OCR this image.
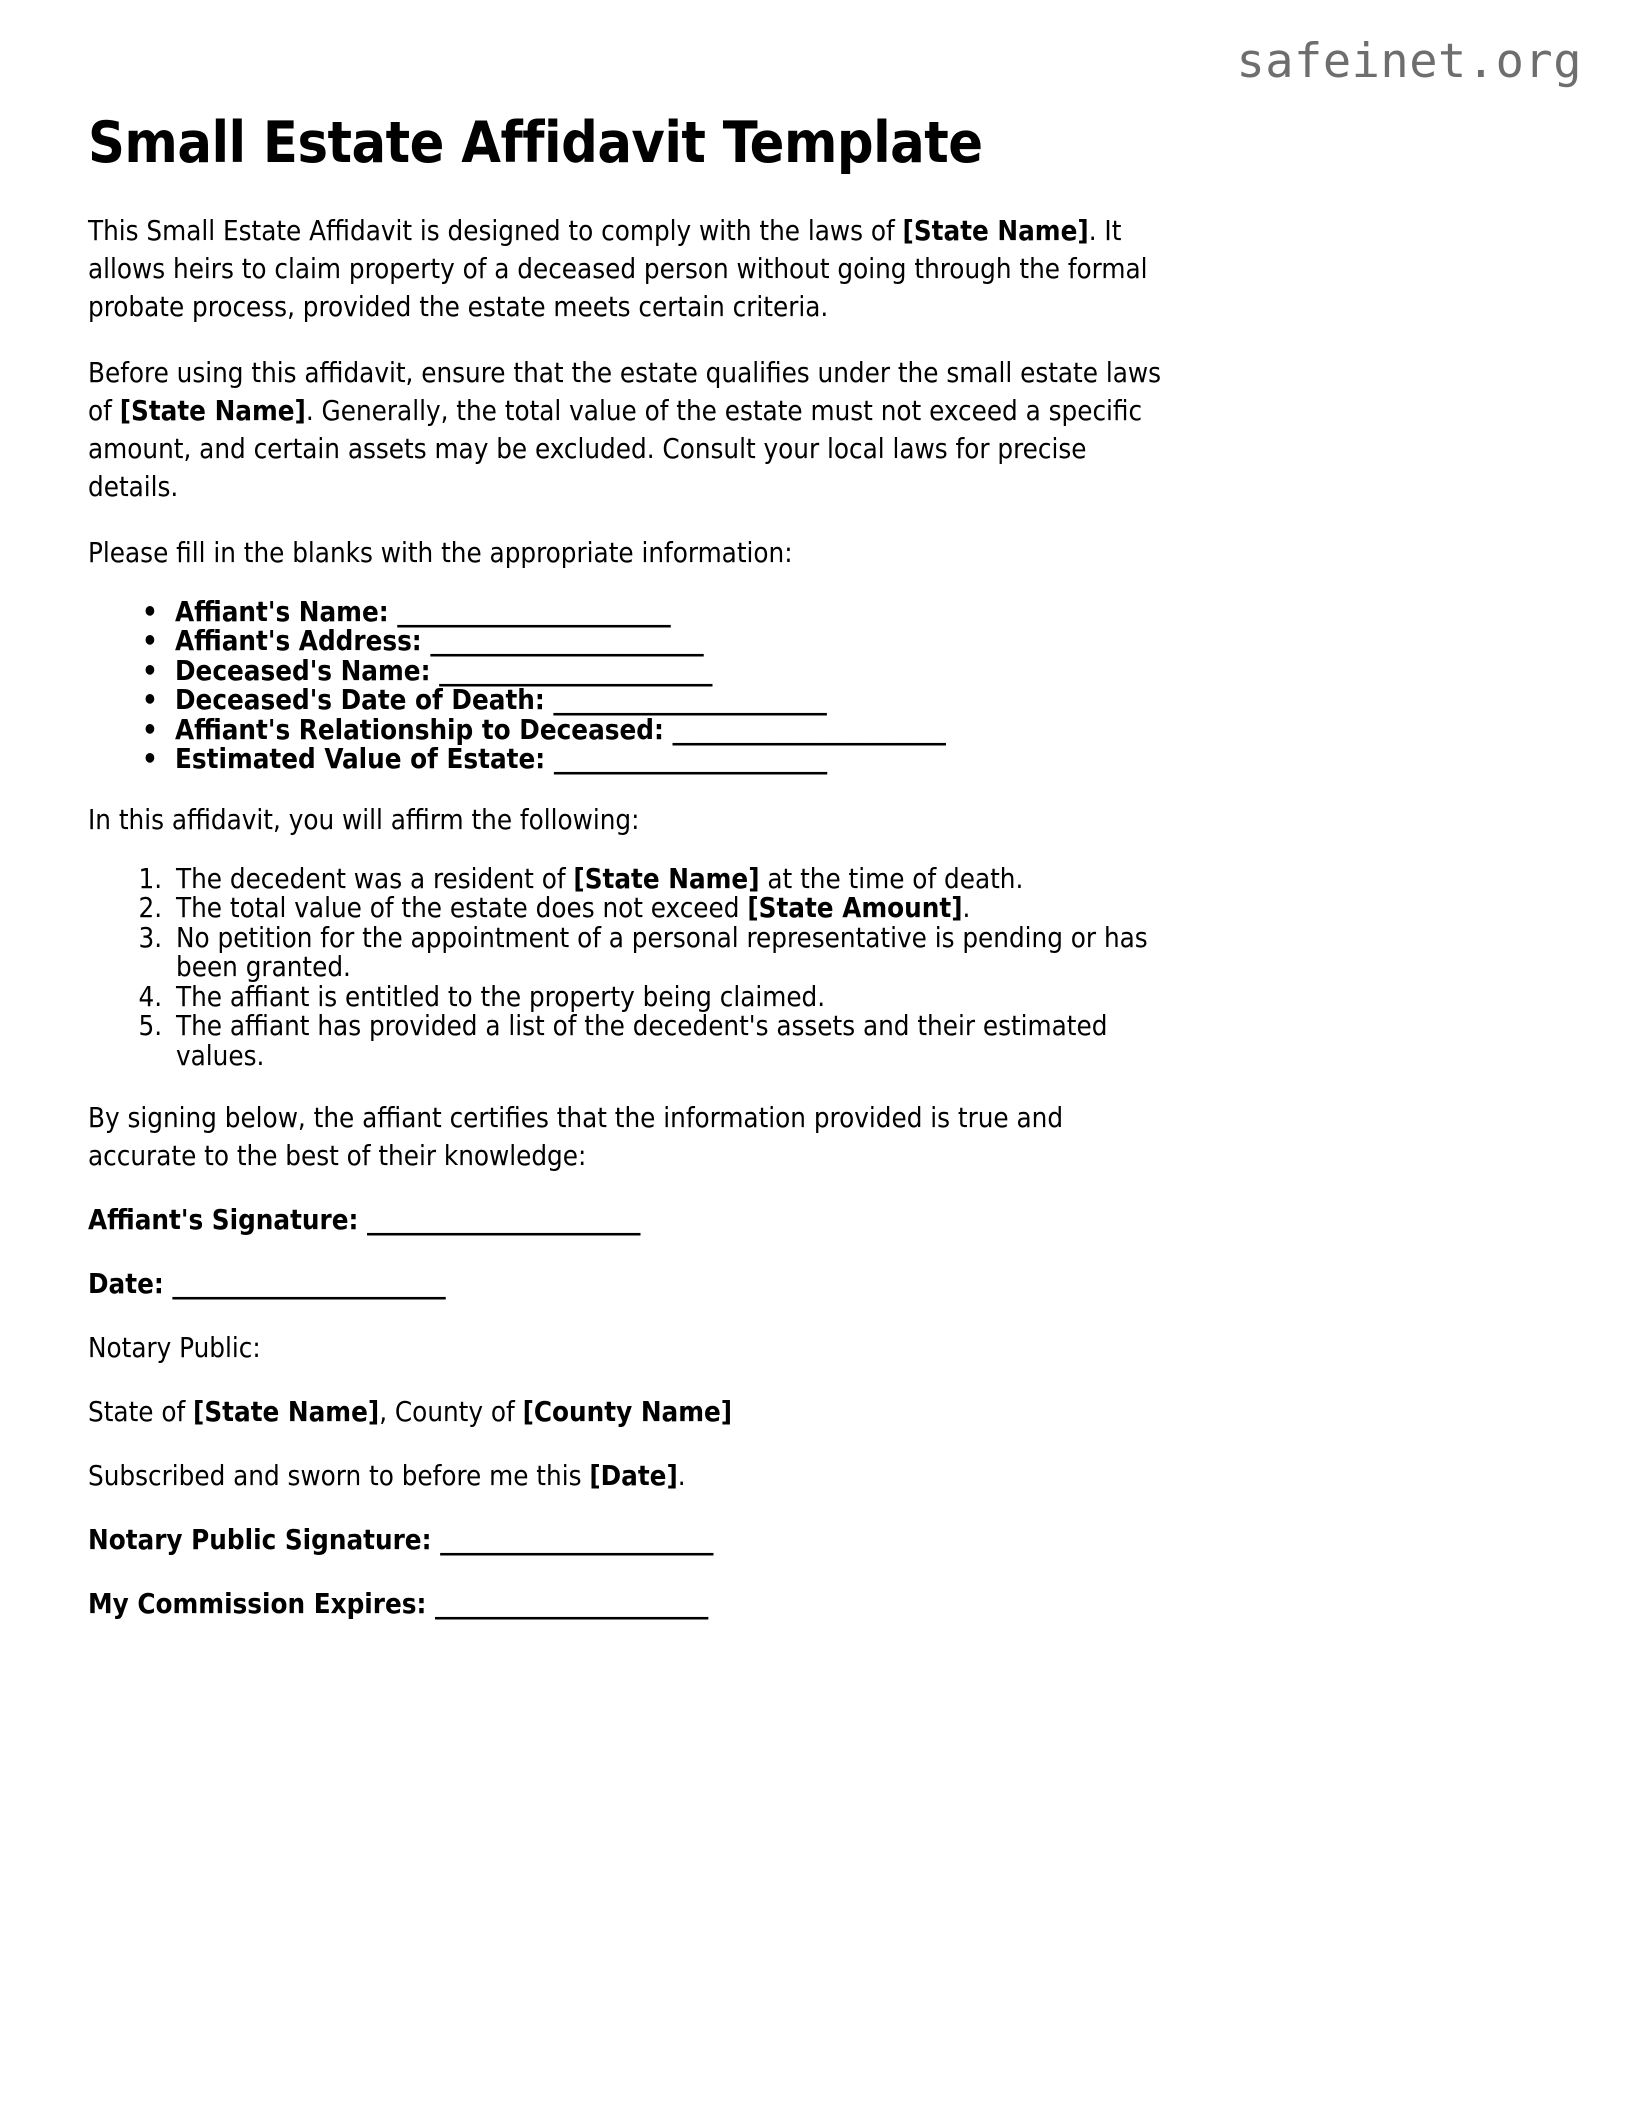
safeinet.org
Small Estate Affidavit Template

This Small Estate Affidavit is designed to comply with the laws of [State Name]. It allows heirs to claim property of a deceased person without going through the formal probate process, provided the estate meets certain criteria.

Before using this affidavit, ensure that the estate qualifies under the small estate laws of [State Name]. Generally, the total value of the estate must not exceed a specific amount, and certain assets may be excluded. Consult your local laws for precise details.

Please fill in the blanks with the appropriate information:

• Affiant's Name: _______________________
• Affiant's Address: _______________________
• Deceased's Name: _______________________
• Deceased's Date of Death: _______________________
• Affiant's Relationship to Deceased: _______________________
• Estimated Value of Estate: _______________________

In this affidavit, you will affirm the following:

1. The decedent was a resident of [State Name] at the time of death.
2. The total value of the estate does not exceed [State Amount].
3. No petition for the appointment of a personal representative is pending or has been granted.
4. The affiant is entitled to the property being claimed.
5. The affiant has provided a list of the decedent's assets and their estimated values.

By signing below, the affiant certifies that the information provided is true and accurate to the best of their knowledge:

Affiant's Signature: _______________________

Date: _______________________

Notary Public:

State of [State Name], County of [County Name]

Subscribed and sworn to before me this [Date].

Notary Public Signature: _______________________

My Commission Expires: _______________________
